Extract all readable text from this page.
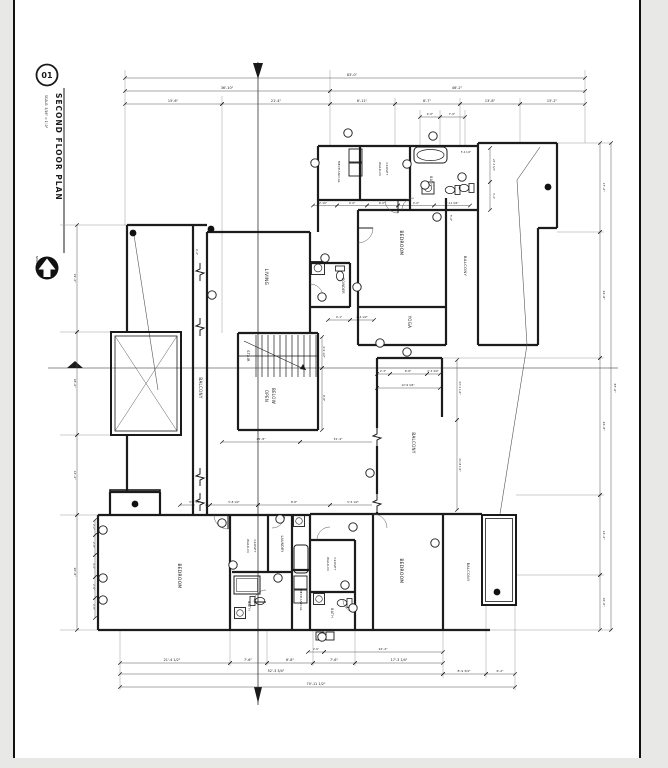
01
SECOND FLOOR PLAN
SCALE: 3/16" = 1'-0"
NORTH
83'-0"
36'-10"	46'-2"
15'-6"	21'-4"	6'-11"	8'-7"	13'-8"	15'-2"
4'-0"	7'-0"
2'-10"	4'-0"	6'-0"	4'-0"	7'-11 3/4"
4'-1"	4'-4 1/2"
2'-3"	6'-8"	2'-3 3/4"
12'-6 3/4"
5'-0"
23'-1 1/4"
21'-8 1/2"
4'-9 1/2"
9'-8"
25'-8"	31'-4"
5'-2 1/2"	5'-8 1/2"	8'-8"	5'-5 1/2"
17'-2"
22'-8"
24'-8"
14'-4"
10'-0"
87'-6"
19'-2"
18'-6"
14'-4"
20'-8"
2'-2"
2'-8"
4'-4"
2'-8"
2'-6"
21'-4 1/2"	7'-6"	6'-8"	7'-6"	17'-3 1/4"
22'-4"
2'-6"
52'-3 3/4"	8'-9 3/4"	6'-2"
70'-11 1/2"
5'-4 1/2"
23'-3 3/4"
3'-4"
4'-4"
LIVING
STAIR
OPEN BELOW
BALCONY
POWDER
BEDROOM
YOGA
BALCONY
BALCONY
BEDROOM
WALK-IN CLOSET	LAUNDRY
BATH	MECHANICAL
MECHANICAL	WALK-IN CLOSET
BATH
WALK-IN CLOSET
BATH
BEDROOM	BALCONY
